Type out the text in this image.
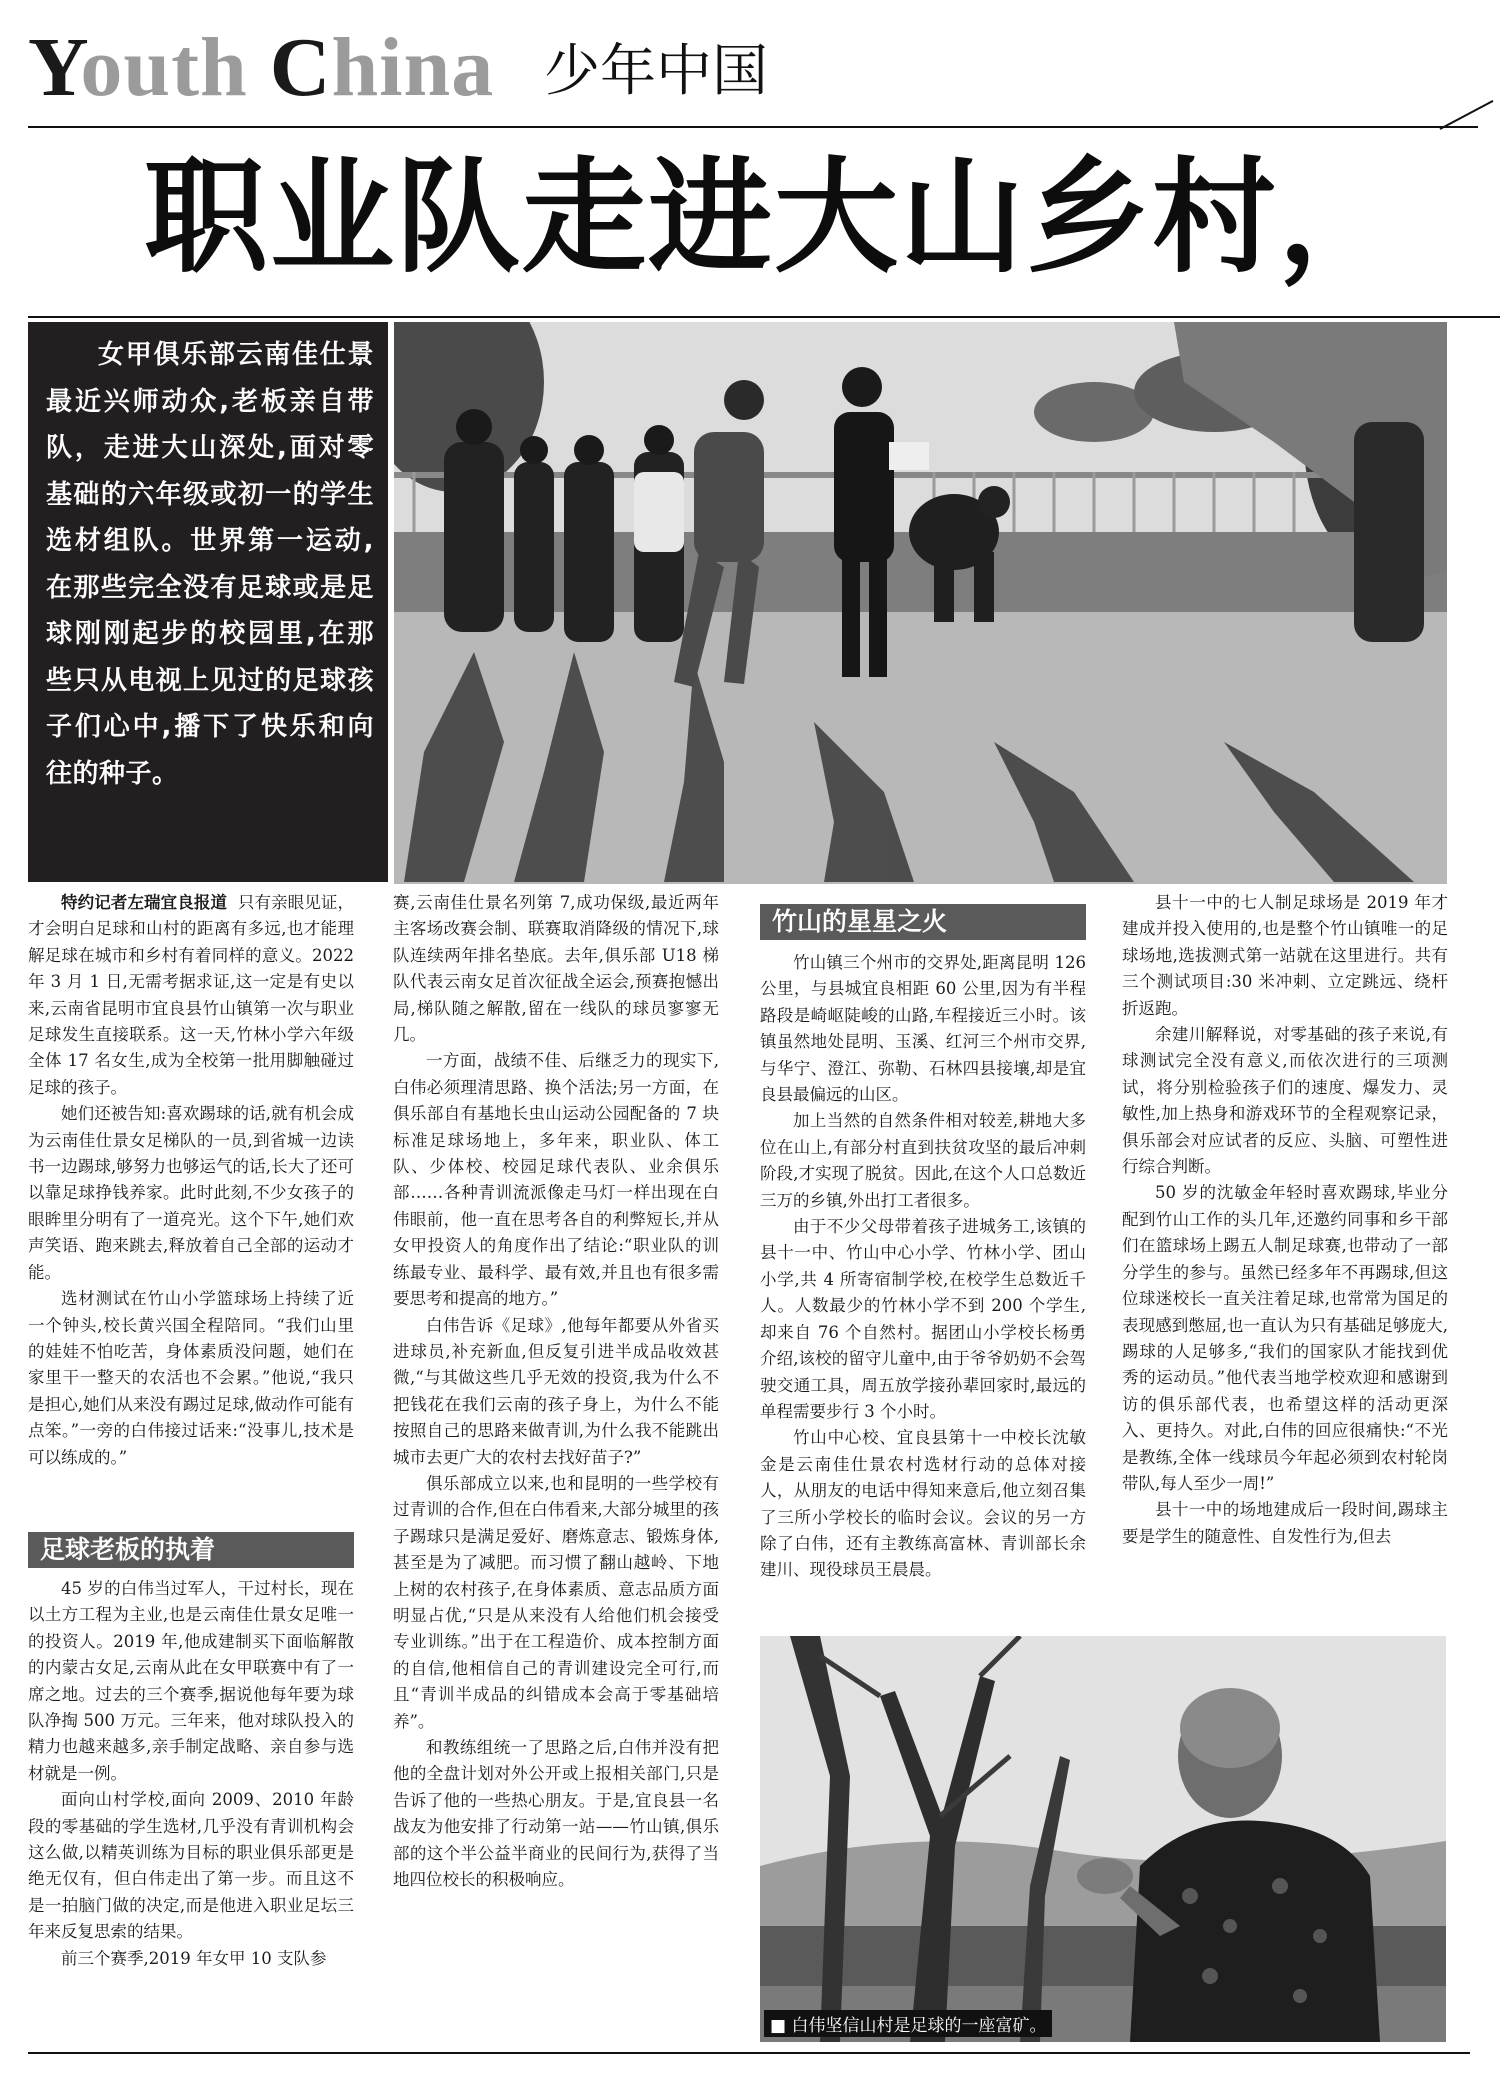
Youth China 少年中国
职业队走进大山乡村，

女甲俱乐部云南佳仕景最近兴师动众,老板亲自带队，走进大山深处,面对零基础的六年级或初一的学生选材组队。世界第一运动,在那些完全没有足球或是足球刚刚起步的校园里,在那些只从电视上见过的足球孩子们心中,播下了快乐和向往的种子。

特约记者左瑞宜良报道 只有亲眼见证，才会明白足球和山村的距离有多远,也才能理解足球在城市和乡村有着同样的意义。2022 年 3 月 1 日,无需考据求证,这一定是有史以来,云南省昆明市宜良县竹山镇第一次与职业足球发生直接联系。这一天,竹林小学六年级全体 17 名女生,成为全校第一批用脚触碰过足球的孩子。

她们还被告知:喜欢踢球的话,就有机会成为云南佳仕景女足梯队的一员,到省城一边读书一边踢球,够努力也够运气的话,长大了还可以靠足球挣钱养家。此时此刻,不少女孩子的眼眸里分明有了一道亮光。这个下午,她们欢声笑语、跑来跳去,释放着自己全部的运动才能。

选材测试在竹山小学篮球场上持续了近一个钟头,校长黄兴国全程陪同。“我们山里的娃娃不怕吃苦，身体素质没问题，她们在家里干一整天的农活也不会累。”他说,“我只是担心,她们从来没有踢过足球,做动作可能有点笨。”一旁的白伟接过话来:“没事儿,技术是可以练成的。”

足球老板的执着

45 岁的白伟当过军人，干过村长，现在以土方工程为主业,也是云南佳仕景女足唯一的投资人。2019 年,他成建制买下面临解散的内蒙古女足,云南从此在女甲联赛中有了一席之地。过去的三个赛季,据说他每年要为球队净掏 500 万元。三年来，他对球队投入的精力也越来越多,亲手制定战略、亲自参与选材就是一例。

面向山村学校,面向 2009、2010 年龄段的零基础的学生选材,几乎没有青训机构会这么做,以精英训练为目标的职业俱乐部更是绝无仅有，但白伟走出了第一步。而且这不是一拍脑门做的决定,而是他进入职业足坛三年来反复思索的结果。

前三个赛季,2019 年女甲 10 支队参

赛,云南佳仕景名列第 7,成功保级,最近两年主客场改赛会制、联赛取消降级的情况下,球队连续两年排名垫底。去年,俱乐部 U18 梯队代表云南女足首次征战全运会,预赛抱憾出局,梯队随之解散,留在一线队的球员寥寥无几。

一方面，战绩不佳、后继乏力的现实下,白伟必须理清思路、换个活法;另一方面，在俱乐部自有基地长虫山运动公园配备的 7 块标准足球场地上，多年来，职业队、体工队、少体校、校园足球代表队、业余俱乐部……各种青训流派像走马灯一样出现在白伟眼前，他一直在思考各自的利弊短长,并从女甲投资人的角度作出了结论:“职业队的训练最专业、最科学、最有效,并且也有很多需要思考和提高的地方。”

白伟告诉《足球》,他每年都要从外省买进球员,补充新血,但反复引进半成品收效甚微,“与其做这些几乎无效的投资,我为什么不把钱花在我们云南的孩子身上，为什么不能按照自己的思路来做青训,为什么我不能跳出城市去更广大的农村去找好苗子?”

俱乐部成立以来,也和昆明的一些学校有过青训的合作,但在白伟看来,大部分城里的孩子踢球只是满足爱好、磨炼意志、锻炼身体,甚至是为了减肥。而习惯了翻山越岭、下地上树的农村孩子,在身体素质、意志品质方面明显占优,“只是从来没有人给他们机会接受专业训练。”出于在工程造价、成本控制方面的自信,他相信自己的青训建设完全可行,而且“青训半成品的纠错成本会高于零基础培养”。

和教练组统一了思路之后,白伟并没有把他的全盘计划对外公开或上报相关部门,只是告诉了他的一些热心朋友。于是,宜良县一名战友为他安排了行动第一站——竹山镇,俱乐部的这个半公益半商业的民间行为,获得了当地四位校长的积极响应。

竹山的星星之火

竹山镇三个州市的交界处,距离昆明 126 公里，与县城宜良相距 60 公里,因为有半程路段是崎岖陡峻的山路,车程接近三小时。该镇虽然地处昆明、玉溪、红河三个州市交界,与华宁、澄江、弥勒、石林四县接壤,却是宜良县最偏远的山区。

加上当然的自然条件相对较差,耕地大多位在山上,有部分村直到扶贫攻坚的最后冲刺阶段,才实现了脱贫。因此,在这个人口总数近三万的乡镇,外出打工者很多。

由于不少父母带着孩子进城务工,该镇的县十一中、竹山中心小学、竹林小学、团山小学,共 4 所寄宿制学校,在校学生总数近千人。人数最少的竹林小学不到 200 个学生,却来自 76 个自然村。据团山小学校长杨勇介绍,该校的留守儿童中,由于爷爷奶奶不会驾驶交通工具，周五放学接孙辈回家时,最远的单程需要步行 3 个小时。

竹山中心校、宜良县第十一中校长沈敏金是云南佳仕景农村选材行动的总体对接人，从朋友的电话中得知来意后,他立刻召集了三所小学校长的临时会议。会议的另一方除了白伟，还有主教练高富林、青训部长余建川、现役球员王晨晨。

县十一中的七人制足球场是 2019 年才建成并投入使用的,也是整个竹山镇唯一的足球场地,选拔测式第一站就在这里进行。共有三个测试项目:30 米冲刺、立定跳远、绕杆折返跑。

余建川解释说，对零基础的孩子来说,有球测试完全没有意义,而依次进行的三项测试，将分别检验孩子们的速度、爆发力、灵敏性,加上热身和游戏环节的全程观察记录，俱乐部会对应试者的反应、头脑、可塑性进行综合判断。

50 岁的沈敏金年轻时喜欢踢球,毕业分配到竹山工作的头几年,还邀约同事和乡干部们在篮球场上踢五人制足球赛,也带动了一部分学生的参与。虽然已经多年不再踢球,但这位球迷校长一直关注着足球,也常常为国足的表现感到憋屈,也一直认为只有基础足够庞大,踢球的人足够多,“我们的国家队才能找到优秀的运动员。”他代表当地学校欢迎和感谢到访的俱乐部代表，也希望这样的活动更深入、更持久。对此,白伟的回应很痛快:“不光是教练,全体一线球员今年起必须到农村轮岗带队,每人至少一周!”

县十一中的场地建成后一段时间,踢球主要是学生的随意性、自发性行为,但去

■ 白伟坚信山村是足球的一座富矿。
